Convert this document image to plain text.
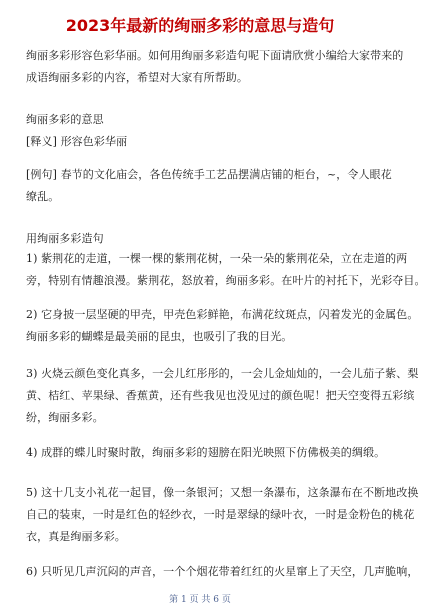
2023年最新的绚丽多彩的意思与造句
绚丽多彩形容色彩华丽。如何用绚丽多彩造句呢下面请欣赏小编给大家带来的
成语绚丽多彩的内容，希望对大家有所帮助。
绚丽多彩的意思
[释义] 形容色彩华丽
[例句] 春节的文化庙会，各色传统手工艺品摆满店铺的柜台，~，令人眼花
缭乱。
用绚丽多彩造句
1) 紫荆花的走道，一棵一棵的紫荆花树，一朵一朵的紫荆花朵，立在走道的两
旁，特别有情趣浪漫。紫荆花，怒放着，绚丽多彩。在叶片的衬托下，光彩夺目。
2) 它身披一层坚硬的甲壳，甲壳色彩鲜艳，布满花纹斑点，闪着发光的金属色。
绚丽多彩的蝴蝶是最美丽的昆虫，也吸引了我的目光。
3) 火烧云颜色变化真多，一会儿红彤彤的，一会儿金灿灿的，一会儿茄子紫、梨
黄、桔红、苹果绿、香蕉黄，还有些我见也没见过的颜色呢！把天空变得五彩缤
纷，绚丽多彩。
4) 成群的蝶儿时聚时散，绚丽多彩的翅膀在阳光映照下仿佛极美的绸缎。
5) 这十几支小礼花一起冒，像一条银河；又想一条瀑布，这条瀑布在不断地改换
自己的装束，一时是红色的轻纱衣，一时是翠绿的绿叶衣，一时是金粉色的桃花
衣，真是绚丽多彩。
6) 只听见几声沉闷的声音，一个个烟花带着红红的火星窜上了天空，几声脆响，
第 1 页 共 6 页
